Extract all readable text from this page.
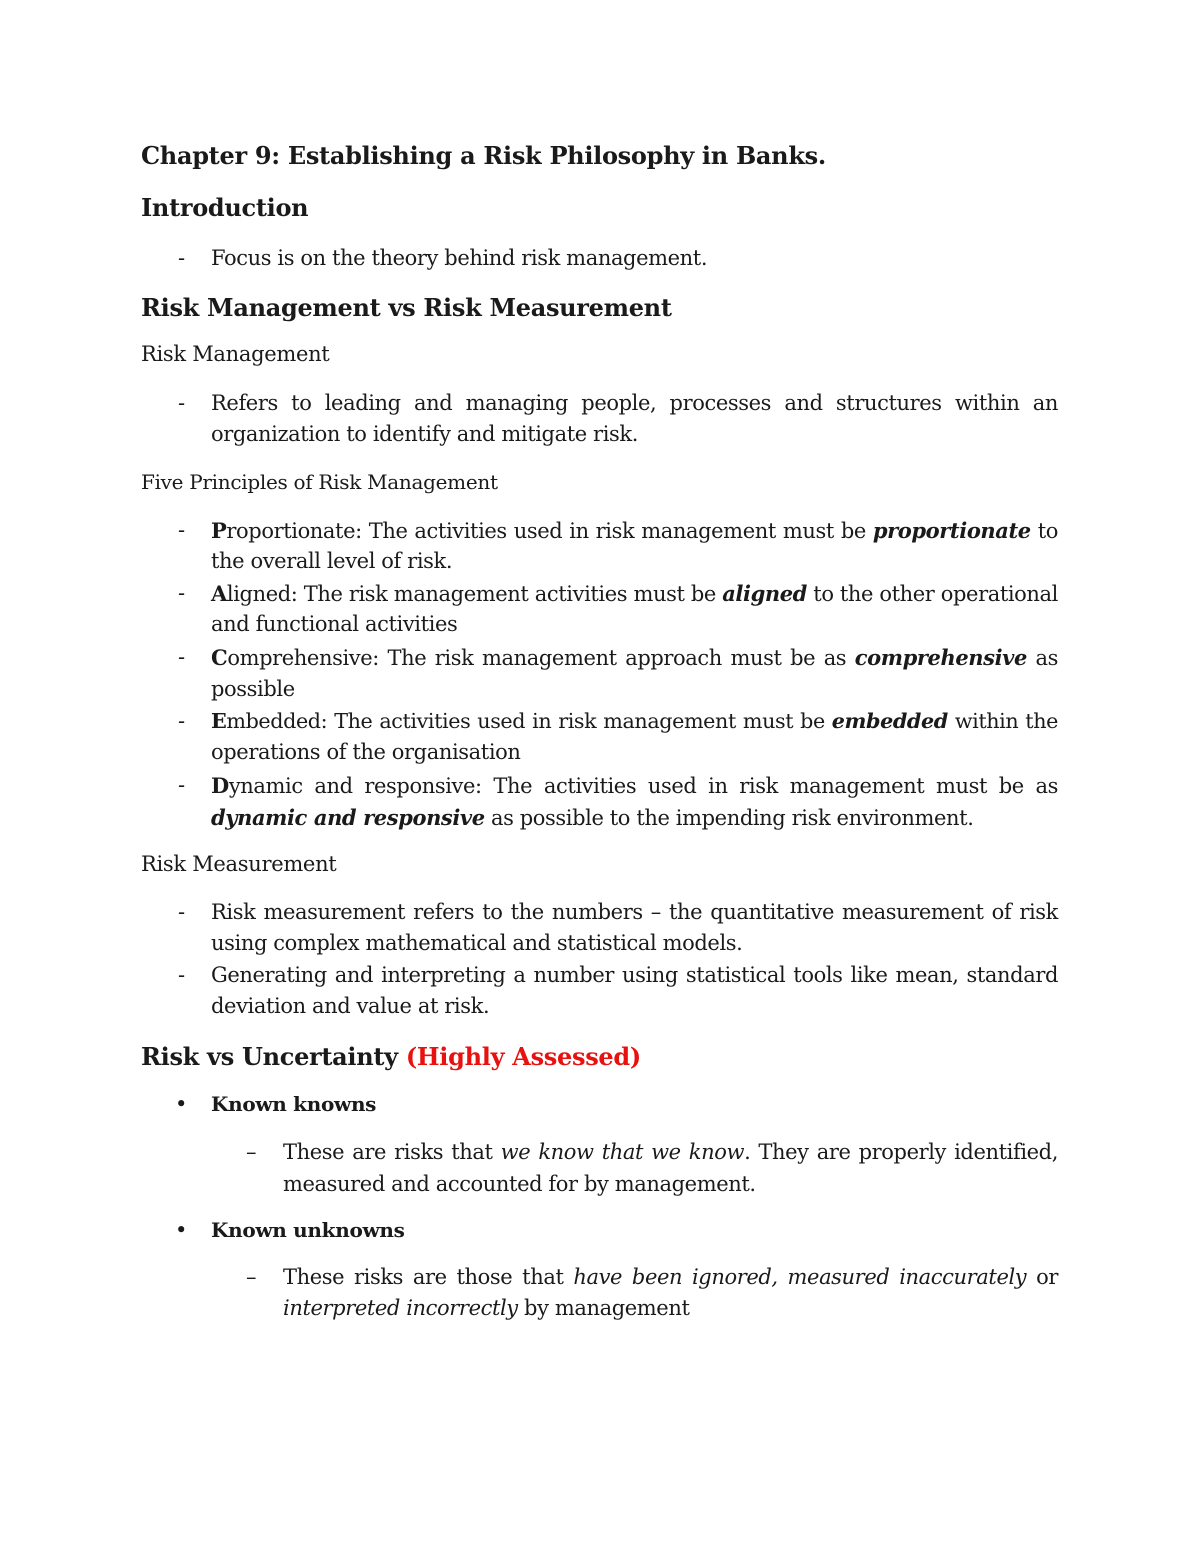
Chapter 9: Establishing a Risk Philosophy in Banks.
Introduction
- Focus is on the theory behind risk management.
Risk Management vs Risk Measurement
Risk Management
- Refers to leading and managing people, processes and structures within an
organization to identify and mitigate risk.
Five Principles of Risk Management
- Proportionate: The activities used in risk management must be proportionate to
the overall level of risk.
- Aligned: The risk management activities must be aligned to the other operational
and functional activities
- Comprehensive: The risk management approach must be as comprehensive as
possible
- Embedded: The activities used in risk management must be embedded within the
operations of the organisation
- Dynamic and responsive: The activities used in risk management must be as
dynamic and responsive as possible to the impending risk environment.
Risk Measurement
- Risk measurement refers to the numbers – the quantitative measurement of risk
using complex mathematical and statistical models.
- Generating and interpreting a number using statistical tools like mean, standard
deviation and value at risk.
Risk vs Uncertainty (Highly Assessed)
• Known knowns
– These are risks that we know that we know. They are properly identified,
measured and accounted for by management.
• Known unknowns
– These risks are those that have been ignored, measured inaccurately or
interpreted incorrectly by management
